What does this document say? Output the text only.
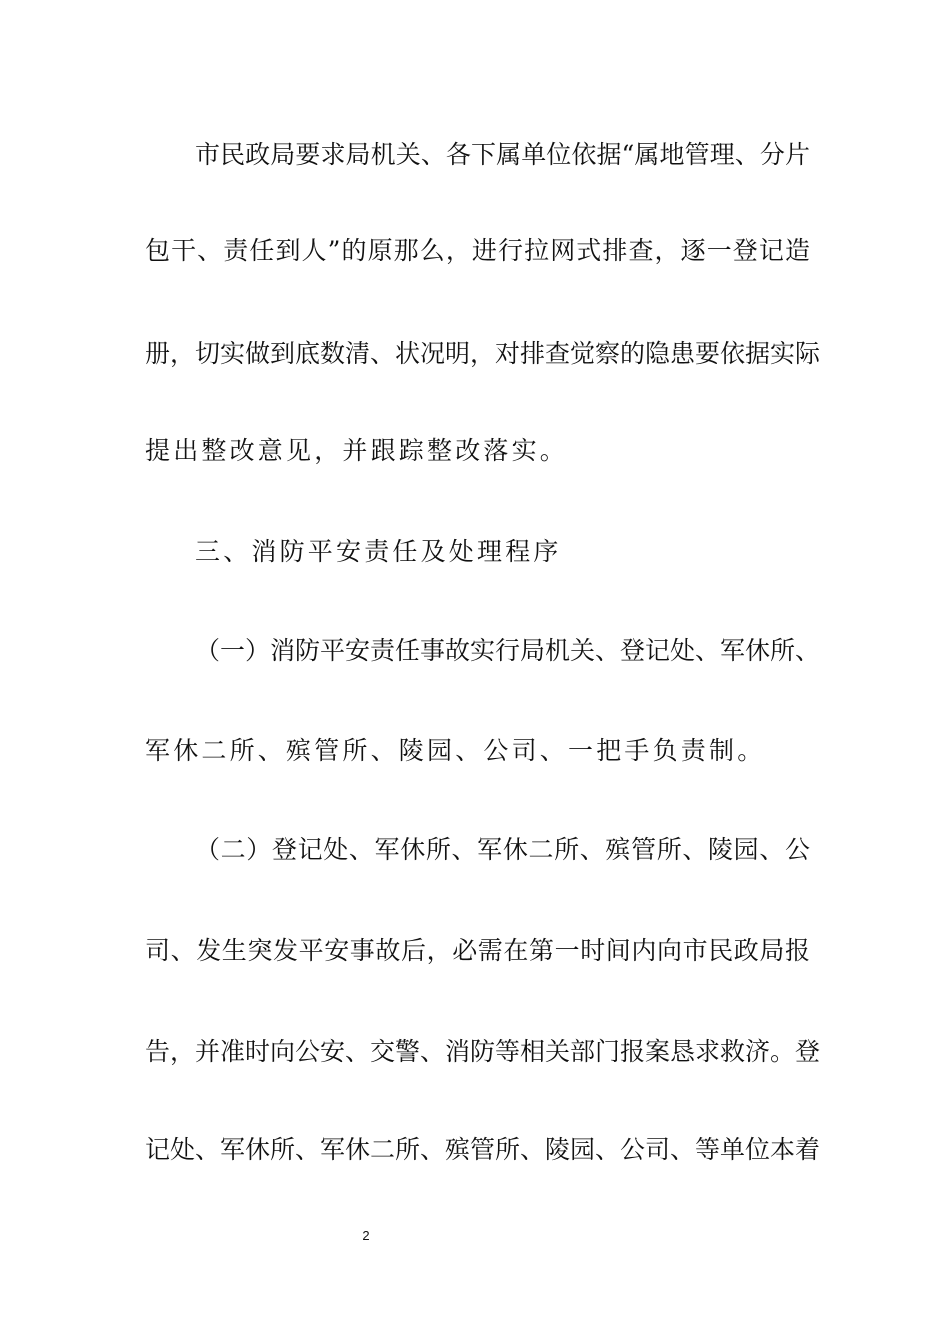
市民政局要求局机关、各下属单位依据“属地管理、分片
包干、责任到人”的原那么，进行拉网式排查，逐一登记造
册，切实做到底数清、状况明，对排查觉察的隐患要依据实际
提出整改意见，并跟踪整改落实。
三、消防平安责任及处理程序
（一）消防平安责任事故实行局机关、登记处、军休所、
军休二所、殡管所、陵园、公司、一把手负责制。
（二）登记处、军休所、军休二所、殡管所、陵园、公
司、发生突发平安事故后，必需在第一时间内向市民政局报
告，并准时向公安、交警、消防等相关部门报案恳求救济。登
记处、军休所、军休二所、殡管所、陵园、公司、等单位本着
2
